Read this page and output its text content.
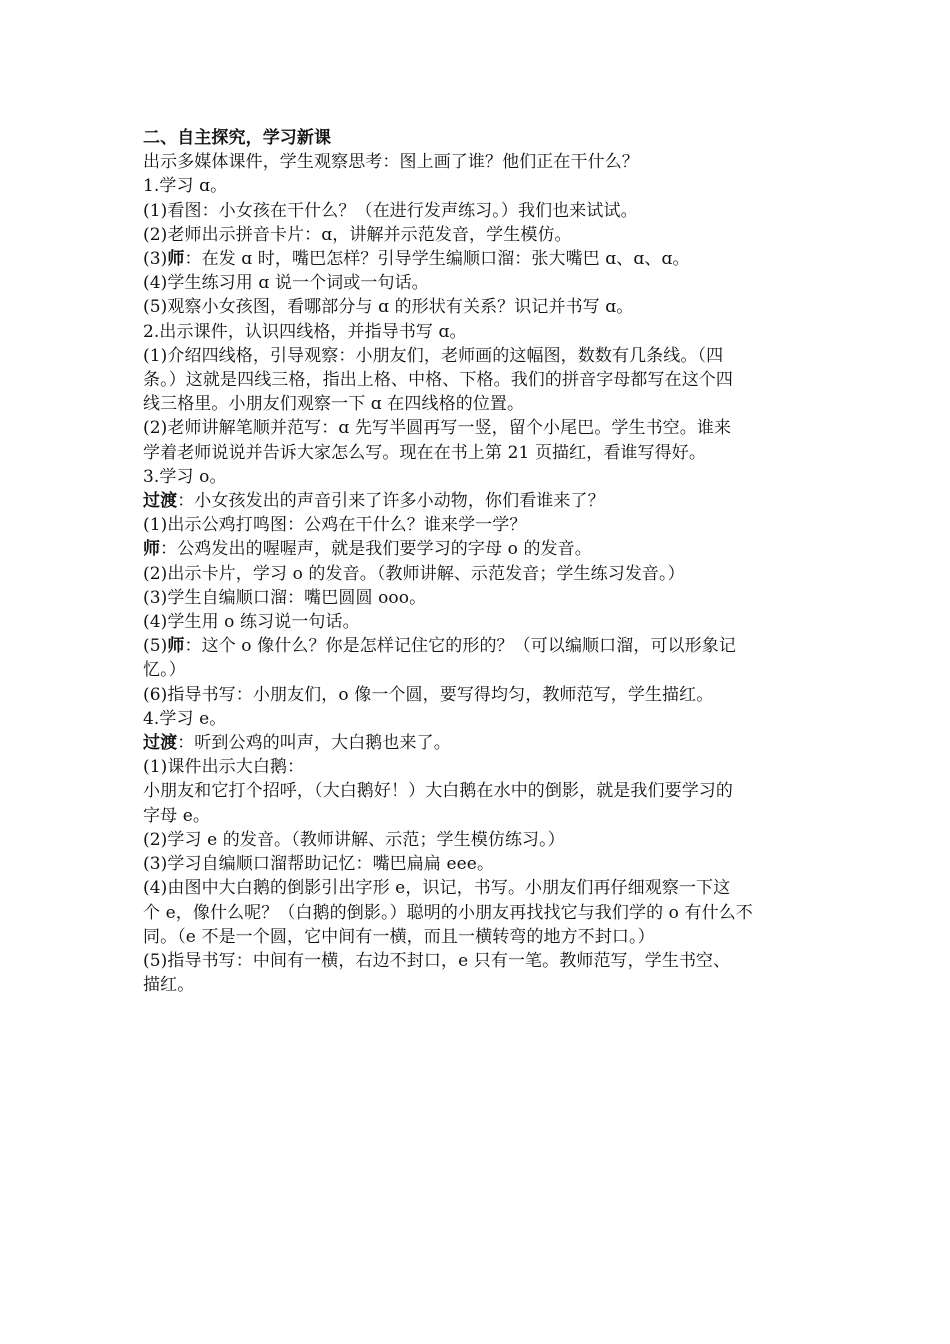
二、自主探究，学习新课
出示多媒体课件，学生观察思考：图上画了谁？他们正在干什么？
1.学习 ɑ。
(1)看图：小女孩在干什么？（在进行发声练习。）我们也来试试。
(2)老师出示拼音卡片：ɑ，讲解并示范发音，学生模仿。
(3)师：在发 ɑ 时，嘴巴怎样？引导学生编顺口溜：张大嘴巴 ɑ、ɑ、ɑ。
(4)学生练习用 ɑ 说一个词或一句话。
(5)观察小女孩图，看哪部分与 ɑ 的形状有关系？识记并书写 ɑ。
2.出示课件，认识四线格，并指导书写 ɑ。
(1)介绍四线格，引导观察：小朋友们，老师画的这幅图，数数有几条线。（四
条。）这就是四线三格，指出上格、中格、下格。我们的拼音字母都写在这个四
线三格里。小朋友们观察一下 ɑ 在四线格的位置。
(2)老师讲解笔顺并范写：ɑ 先写半圆再写一竖，留个小尾巴。学生书空。谁来
学着老师说说并告诉大家怎么写。现在在书上第 21 页描红，看谁写得好。
3.学习 o。
过渡：小女孩发出的声音引来了许多小动物，你们看谁来了？
(1)出示公鸡打鸣图：公鸡在干什么？谁来学一学？
师：公鸡发出的喔喔声，就是我们要学习的字母 o 的发音。
(2)出示卡片，学习 o 的发音。（教师讲解、示范发音；学生练习发音。）
(3)学生自编顺口溜：嘴巴圆圆 ooo。
(4)学生用 o 练习说一句话。
(5)师：这个 o 像什么？你是怎样记住它的形的？（可以编顺口溜，可以形象记
忆。）
(6)指导书写：小朋友们，o 像一个圆，要写得均匀，教师范写，学生描红。
4.学习 e。
过渡：听到公鸡的叫声，大白鹅也来了。
(1)课件出示大白鹅：
小朋友和它打个招呼，（大白鹅好！）大白鹅在水中的倒影，就是我们要学习的
字母 e。
(2)学习 e 的发音。（教师讲解、示范；学生模仿练习。）
(3)学习自编顺口溜帮助记忆：嘴巴扁扁 eee。
(4)由图中大白鹅的倒影引出字形 e，识记，书写。小朋友们再仔细观察一下这
个 e，像什么呢？（白鹅的倒影。）聪明的小朋友再找找它与我们学的 o 有什么不
同。（e 不是一个圆，它中间有一横，而且一横转弯的地方不封口。）
(5)指导书写：中间有一横，右边不封口，e 只有一笔。教师范写，学生书空、
描红。
